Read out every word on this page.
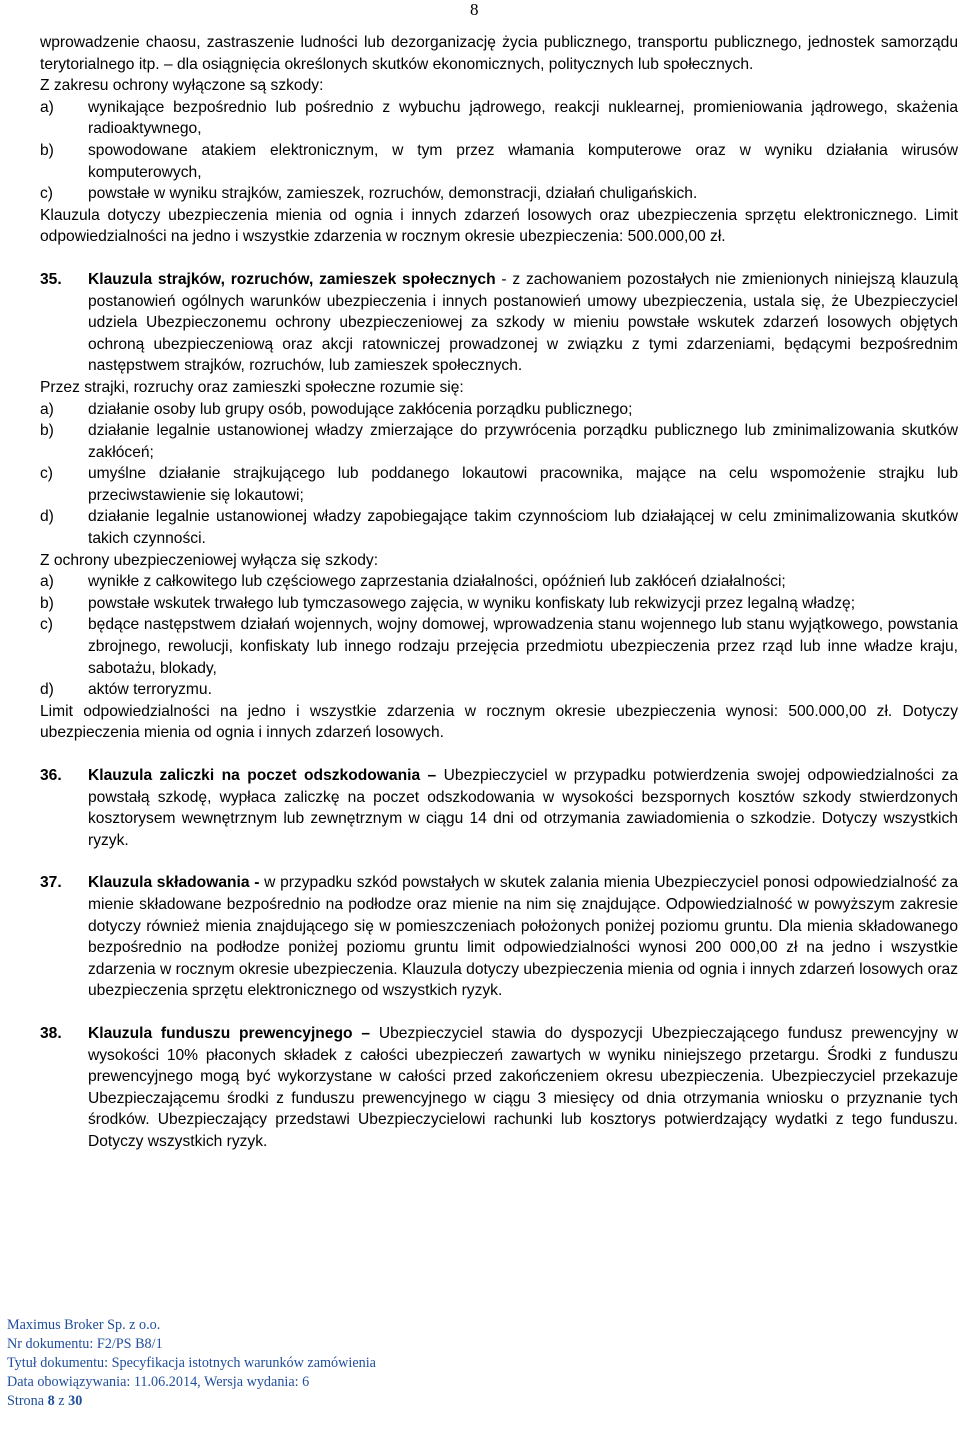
8

wprowadzenie chaosu, zastraszenie ludności lub dezorganizację życia publicznego, transportu publicznego, jednostek samorządu terytorialnego itp. – dla osiągnięcia określonych skutków ekonomicznych, politycznych lub społecznych.

Z zakresu ochrony wyłączone są szkody:

a)	wynikające bezpośrednio lub pośrednio z wybuchu jądrowego, reakcji nuklearnej, promieniowania jądrowego, skażenia radioaktywnego,
b)	spowodowane atakiem elektronicznym, w tym przez włamania komputerowe oraz w wyniku działania wirusów komputerowych,
c)	powstałe w wyniku strajków, zamieszek, rozruchów, demonstracji, działań chuligańskich.

Klauzula dotyczy ubezpieczenia mienia od ognia i innych zdarzeń losowych oraz ubezpieczenia sprzętu elektronicznego. Limit odpowiedzialności na jedno i wszystkie zdarzenia w rocznym okresie ubezpieczenia: 500.000,00 zł.

35.	Klauzula strajków, rozruchów, zamieszek społecznych - z zachowaniem pozostałych nie zmienionych niniejszą klauzulą postanowień ogólnych warunków ubezpieczenia i innych postanowień umowy ubezpieczenia, ustala się, że Ubezpieczyciel udziela Ubezpieczonemu ochrony ubezpieczeniowej za szkody w mieniu powstałe wskutek zdarzeń losowych objętych ochroną ubezpieczeniową oraz akcji ratowniczej prowadzonej w związku z tymi zdarzeniami, będącymi bezpośrednim następstwem strajków, rozruchów, lub zamieszek społecznych.

Przez strajki, rozruchy oraz zamieszki społeczne rozumie się:

a)	działanie osoby lub grupy osób, powodujące zakłócenia porządku publicznego;
b)	działanie legalnie ustanowionej władzy zmierzające do przywrócenia porządku publicznego lub zminimalizowania skutków zakłóceń;
c)	umyślne działanie strajkującego lub poddanego lokautowi pracownika, mające na celu wspomożenie strajku lub przeciwstawienie się lokautowi;
d)	działanie legalnie ustanowionej władzy zapobiegające takim czynnościom lub działającej w celu zminimalizowania skutków takich czynności.

Z ochrony ubezpieczeniowej wyłącza się szkody:

a)	wynikłe z całkowitego lub częściowego zaprzestania działalności, opóźnień lub zakłóceń działalności;
b)	powstałe wskutek trwałego lub tymczasowego zajęcia, w wyniku konfiskaty lub rekwizycji przez legalną władzę;
c)	będące następstwem działań wojennych, wojny domowej, wprowadzenia stanu wojennego lub stanu wyjątkowego, powstania zbrojnego, rewolucji, konfiskaty lub innego rodzaju przejęcia przedmiotu ubezpieczenia przez rząd lub inne władze kraju, sabotażu, blokady,
d)	aktów terroryzmu.

Limit odpowiedzialności na jedno i wszystkie zdarzenia w rocznym okresie ubezpieczenia wynosi: 500.000,00 zł. Dotyczy ubezpieczenia mienia od ognia i innych zdarzeń losowych.

36.	Klauzula zaliczki na poczet odszkodowania – Ubezpieczyciel w przypadku potwierdzenia swojej odpowiedzialności za powstałą szkodę, wypłaca zaliczkę na poczet odszkodowania w wysokości bezspornych kosztów szkody stwierdzonych kosztorysem wewnętrznym lub zewnętrznym w ciągu 14 dni od otrzymania zawiadomienia o szkodzie. Dotyczy wszystkich ryzyk.

37.	Klauzula składowania - w przypadku szkód powstałych w skutek zalania mienia Ubezpieczyciel ponosi odpowiedzialność za mienie składowane bezpośrednio na podłodze oraz mienie na nim się znajdujące. Odpowiedzialność w powyższym zakresie dotyczy również mienia znajdującego się w pomieszczeniach położonych poniżej poziomu gruntu. Dla mienia składowanego bezpośrednio na podłodze poniżej poziomu gruntu limit odpowiedzialności wynosi 200 000,00 zł na jedno i wszystkie zdarzenia w rocznym okresie ubezpieczenia. Klauzula dotyczy ubezpieczenia mienia od ognia i innych zdarzeń losowych oraz ubezpieczenia sprzętu elektronicznego od wszystkich ryzyk.

38.	Klauzula funduszu prewencyjnego – Ubezpieczyciel stawia do dyspozycji Ubezpieczającego fundusz prewencyjny w wysokości 10% płaconych składek z całości ubezpieczeń zawartych w wyniku niniejszego przetargu. Środki z funduszu prewencyjnego mogą być wykorzystane w całości przed zakończeniem okresu ubezpieczenia. Ubezpieczyciel przekazuje Ubezpieczającemu środki z funduszu prewencyjnego w ciągu 3 miesięcy od dnia otrzymania wniosku o przyznanie tych środków. Ubezpieczający przedstawi Ubezpieczycielowi rachunki lub kosztorys potwierdzający wydatki z tego funduszu. Dotyczy wszystkich ryzyk.

Maximus Broker Sp. z o.o.
Nr dokumentu: F2/PS B8/1
Tytuł dokumentu: Specyfikacja istotnych warunków zamówienia
Data obowiązywania: 11.06.2014, Wersja wydania: 6
Strona 8 z 30
